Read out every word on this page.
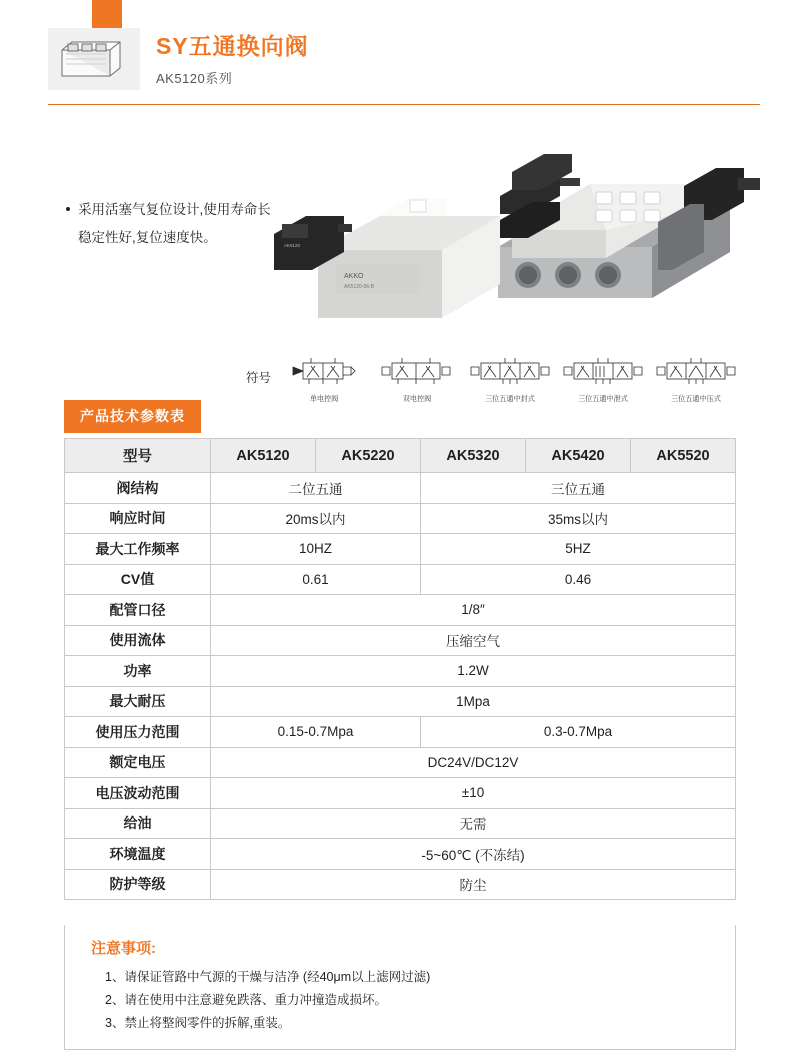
SY五通换向阀
AK5120系列
采用活塞气复位设计,使用寿命长
稳定性好,复位速度快。
AKKO
AK5120-06-B
AK5120
符号
单电控阀	双电控阀	三位五通中封式	三位五通中泄式	三位五通中压式
产品技术参数表
型号	AK5120	AK5220	AK5320	AK5420	AK5520
阀结构	二位五通		三位五通		
响应时间	20ms以内		35ms以内		
最大工作频率	10HZ		5HZ		
CV值	0.61		0.46		
配管口径	1/8″				
使用流体	压缩空气				
功率	1.2W				
最大耐压	1Mpa				
使用压力范围	0.15-0.7Mpa		0.3-0.7Mpa		
额定电压	DC24V/DC12V				
电压波动范围	±10				
给油	无需				
环境温度	-5~60℃ (不冻结)				
防护等级	防尘				
注意事项:
1、请保证管路中气源的干燥与洁净 (经40μm以上滤网过滤)
2、请在使用中注意避免跌落、重力冲撞造成损坏。
3、禁止将整阀零件的拆解,重装。
